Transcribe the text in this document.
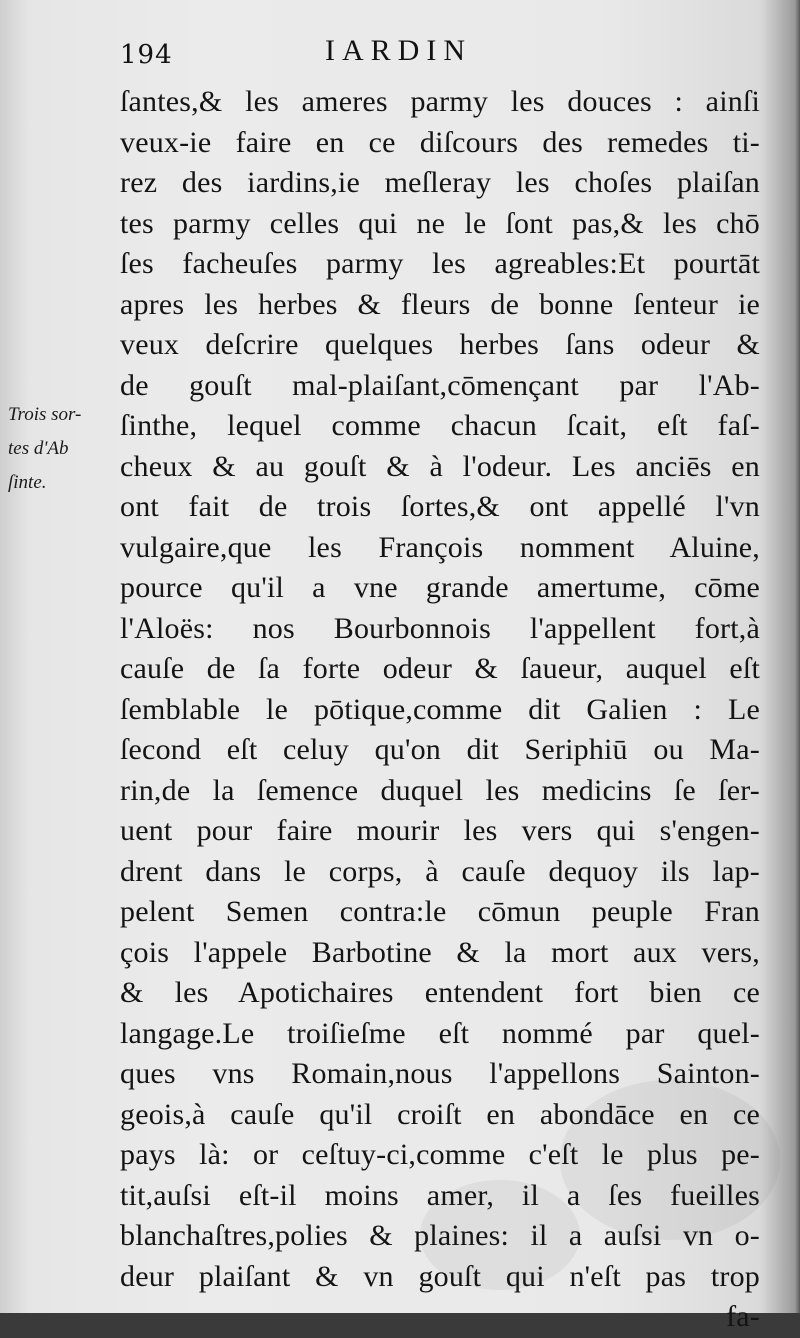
194	IARDIN
Trois sor-
tes d'Ab
ſinte.
ſantes,& les ameres parmy les douces : ainſi
veux-ie faire en ce diſcours des remedes ti-
rez des iardins,ie meſleray les choſes plaiſan
tes parmy celles qui ne le ſont pas,& les chō
ſes facheuſes parmy les agreables:Et pourtāt
apres les herbes & fleurs de bonne ſenteur ie
veux deſcrire quelques herbes ſans odeur &
de gouſt mal-plaiſant,cōmençant par l'Ab-
ſinthe, lequel comme chacun ſcait, eſt faſ-
cheux & au gouſt & à l'odeur. Les anciēs en
ont fait de trois ſortes,& ont appellé l'vn
vulgaire,que les François nomment Aluine,
pource qu'il a vne grande amertume, cōme
l'Aloës: nos Bourbonnois l'appellent fort,à
cauſe de ſa forte odeur & ſaueur, auquel eſt
ſemblable le pōtique,comme dit Galien : Le
ſecond eſt celuy qu'on dit Seriphiū ou Ma-
rin,de la ſemence duquel les medicins ſe ſer-
uent pour faire mourir les vers qui s'engen-
drent dans le corps, à cauſe dequoy ils lap-
pelent Semen contra:le cōmun peuple Fran
çois l'appele Barbotine & la mort aux vers,
& les Apotichaires entendent fort bien ce
langage.Le troiſieſme eſt nommé par quel-
ques vns Romain,nous l'appellons Sainton-
geois,à cauſe qu'il croiſt en abondāce en ce
pays là: or ceſtuy-ci,comme c'eſt le plus pe-
tit,auſsi eſt-il moins amer, il a ſes fueilles
blanchaſtres,polies & plaines: il a auſsi vn o-
deur plaiſant & vn gouſt qui n'eſt pas trop
fa-
